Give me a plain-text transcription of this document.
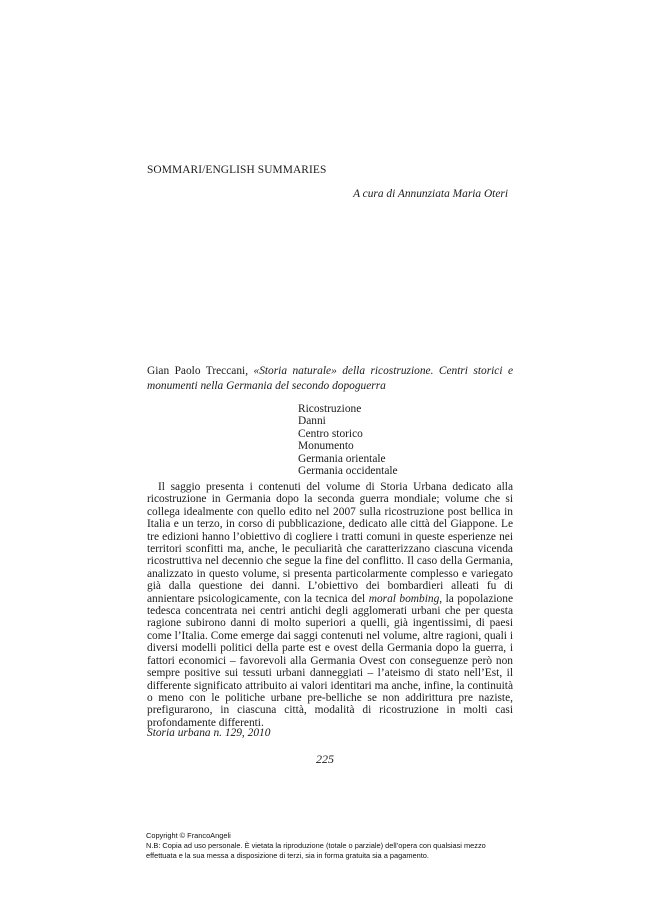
SOMMARI/ENGLISH SUMMARIES

A cura di Annunziata Maria Oteri

Gian Paolo Treccani, «Storia naturale» della ricostruzione. Centri storici e monumenti nella Germania del secondo dopoguerra

Ricostruzione
Danni
Centro storico
Monumento
Germania orientale
Germania occidentale

Il saggio presenta i contenuti del volume di Storia Urbana dedicato alla ricostruzione in Germania dopo la seconda guerra mondiale; volume che si collega idealmente con quello edito nel 2007 sulla ricostruzione post bellica in Italia e un terzo, in corso di pubblicazione, dedicato alle città del Giappone. Le tre edizioni hanno l’obiettivo di cogliere i tratti comuni in queste esperienze nei territori sconfitti ma, anche, le peculiarità che caratterizzano ciascuna vicenda ricostruttiva nel decennio che segue la fine del conflitto. Il caso della Germania, analizzato in questo volume, si presenta particolarmente complesso e variegato già dalla questione dei danni. L’obiettivo dei bombardieri alleati fu di annientare psicologicamente, con la tecnica del moral bombing, la popolazione tedesca concentrata nei centri antichi degli agglomerati urbani che per questa ragione subirono danni di molto superiori a quelli, già ingentissimi, di paesi come l’Italia. Come emerge dai saggi contenuti nel volume, altre ragioni, quali i diversi modelli politici della parte est e ovest della Germania dopo la guerra, i fattori economici – favorevoli alla Germania Ovest con conseguenze però non sempre positive sui tessuti urbani danneggiati – l’ateismo di stato nell’Est, il differente significato attribuito ai valori identitari ma anche, infine, la continuità o meno con le politiche urbane pre-belliche se non addirittura pre naziste, prefigurarono, in ciascuna città, modalità di ricostruzione in molti casi profondamente differenti.

Storia urbana n. 129, 2010

225

Copyright © FrancoAngeli
N.B: Copia ad uso personale. È vietata la riproduzione (totale o parziale) dell’opera con qualsiasi mezzo
effettuata e la sua messa a disposizione di terzi, sia in forma gratuita sia a pagamento.
